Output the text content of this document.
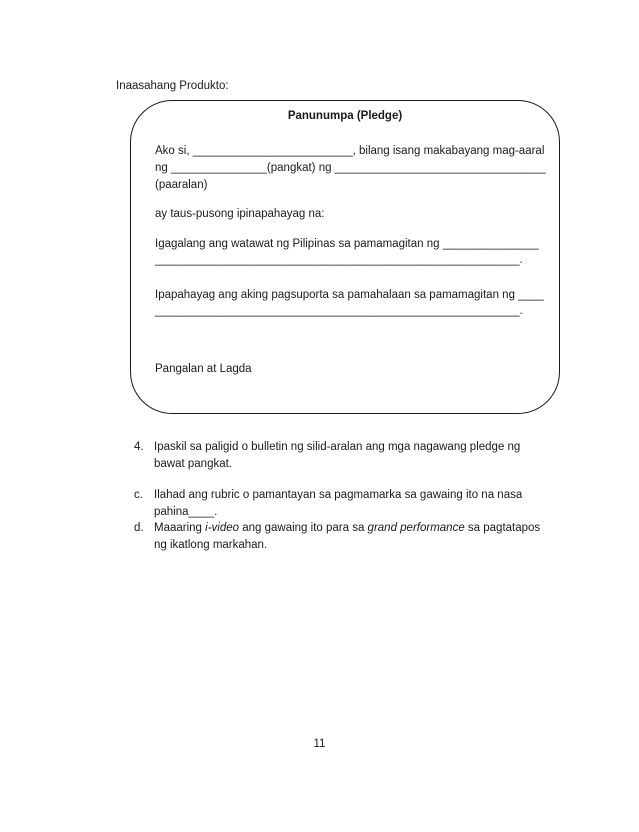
Inaasahang Produkto:

Panunumpa (Pledge)

Ako si, _________________________, bilang isang makabayang mag-aaral

ng _______________(pangkat) ng _________________________________

(paaralan)

ay taus-pusong ipinapahayag na:

Igagalang ang watawat ng Pilipinas sa pamamagitan ng _______________

_________________________________________________________.

Ipapahayag ang aking pagsuporta sa pamahalaan sa pamamagitan ng ____

_________________________________________________________.

Pangalan at Lagda

4. Ipaskil sa paligid o bulletin ng silid-aralan ang mga nagawang pledge ng
bawat pangkat.
c. Ilahad ang rubric o pamantayan sa pagmamarka sa gawaing ito na nasa
pahina____.
d. Maaaring i-video ang gawaing ito para sa grand performance sa pagtatapos
ng ikatlong markahan.
11
